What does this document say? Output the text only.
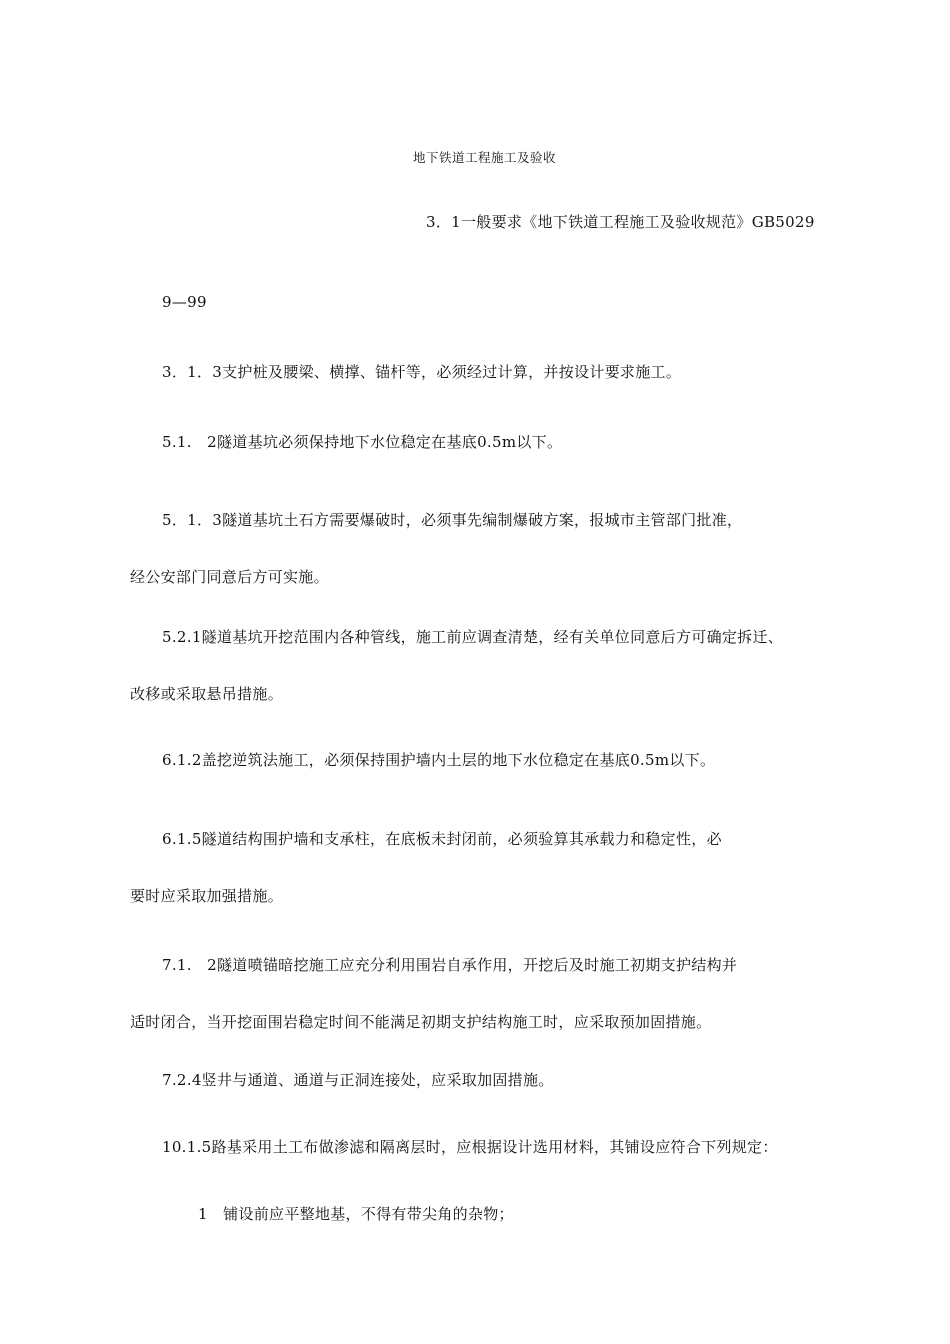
地下铁道工程施工及验收
3．1一般要求《地下铁道工程施工及验收规范》GB5029
9—99
3．1．3支护桩及腰梁、横撑、锚杆等，必须经过计算，并按设计要求施工。
5.1.　2隧道基坑必须保持地下水位稳定在基底0.5m以下。
5．1．3隧道基坑土石方需要爆破时，必须事先编制爆破方案，报城市主管部门批准，
经公安部门同意后方可实施。
5.2.1隧道基坑开挖范围内各种管线，施工前应调查清楚，经有关单位同意后方可确定拆迁、
改移或采取悬吊措施。
6.1.2盖挖逆筑法施工，必须保持围护墙内土层的地下水位稳定在基底0.5m以下。
6.1.5隧道结构围护墙和支承柱，在底板未封闭前，必须验算其承载力和稳定性，必
要时应采取加强措施。
7.1.　2隧道喷锚暗挖施工应充分利用围岩自承作用，开挖后及时施工初期支护结构并
适时闭合，当开挖面围岩稳定时间不能满足初期支护结构施工时，应采取预加固措施。
7.2.4竖井与通道、通道与正洞连接处，应采取加固措施。
10.1.5路基采用土工布做渗滤和隔离层时，应根据设计选用材料，其铺设应符合下列规定：
1　铺设前应平整地基，不得有带尖角的杂物；
